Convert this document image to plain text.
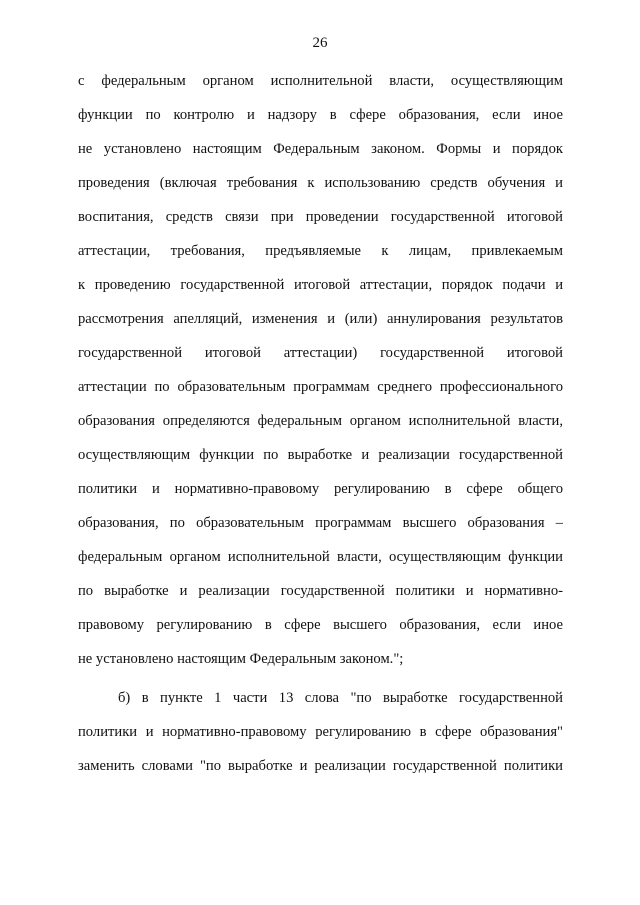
26
с федеральным органом исполнительной власти, осуществляющим
функции по контролю и надзору в сфере образования, если иное
не установлено настоящим Федеральным законом. Формы и порядок
проведения (включая требования к использованию средств обучения и
воспитания, средств связи при проведении государственной итоговой
аттестации, требования, предъявляемые к лицам, привлекаемым
к проведению государственной итоговой аттестации, порядок подачи и
рассмотрения апелляций, изменения и (или) аннулирования результатов
государственной итоговой аттестации) государственной итоговой
аттестации по образовательным программам среднего профессионального
образования определяются федеральным органом исполнительной власти,
осуществляющим функции по выработке и реализации государственной
политики и нормативно-правовому регулированию в сфере общего
образования, по образовательным программам высшего образования –
федеральным органом исполнительной власти, осуществляющим функции
по выработке и реализации государственной политики и нормативно-
правовому регулированию в сфере высшего образования, если иное
не установлено настоящим Федеральным законом.";
б) в пункте 1 части 13 слова "по выработке государственной
политики и нормативно-правовому регулированию в сфере образования"
заменить словами "по выработке и реализации государственной политики
